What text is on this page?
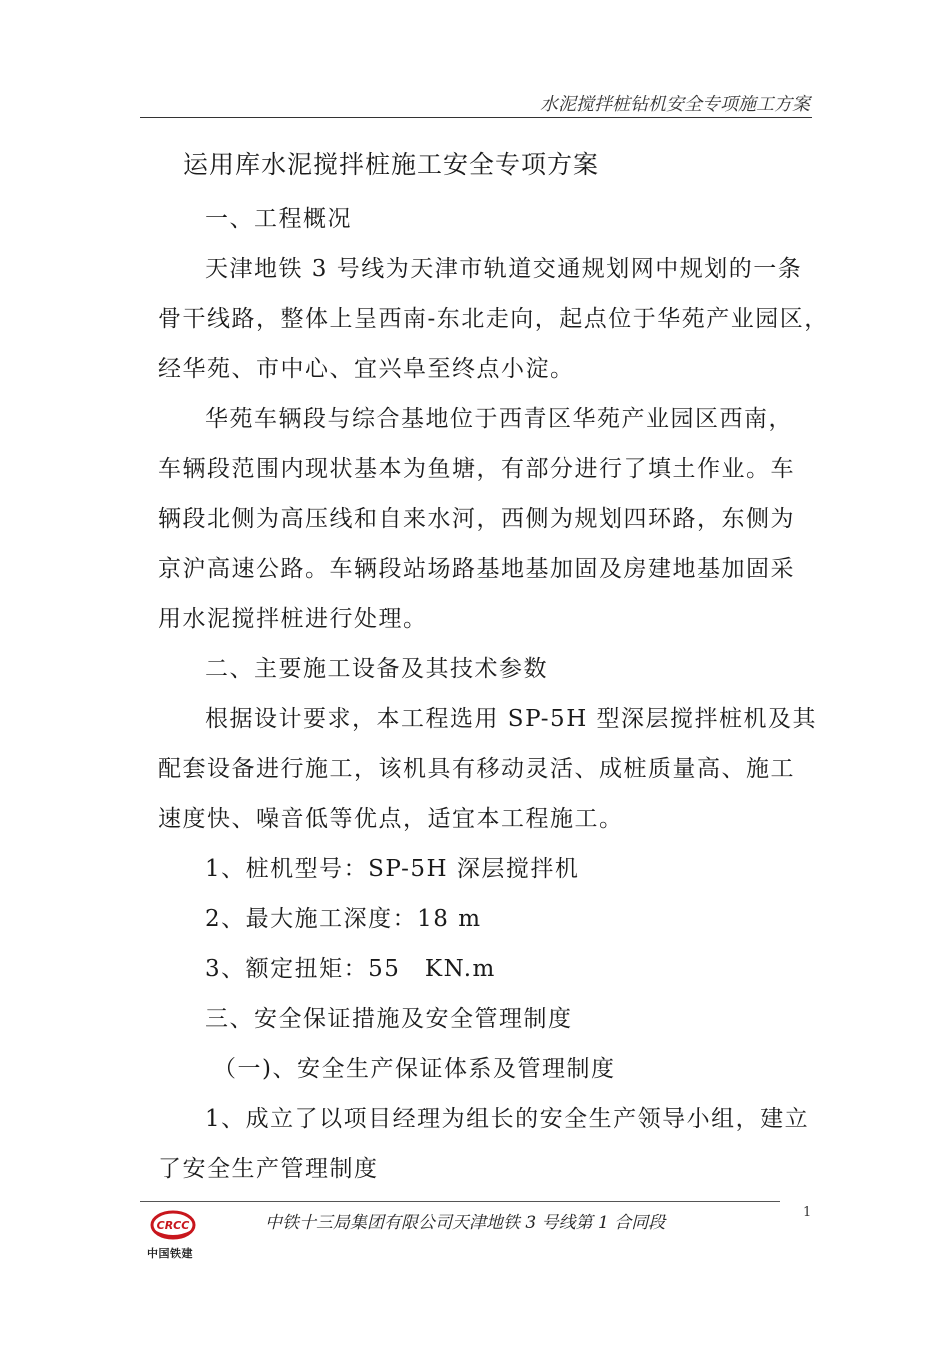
水泥搅拌桩钻机安全专项施工方案
运用库水泥搅拌桩施工安全专项方案
一、工程概况
天津地铁 3 号线为天津市轨道交通规划网中规划的一条
骨干线路，整体上呈西南-东北走向，起点位于华苑产业园区，
经华苑、市中心、宜兴阜至终点小淀。
华苑车辆段与综合基地位于西青区华苑产业园区西南，
车辆段范围内现状基本为鱼塘，有部分进行了填土作业。车
辆段北侧为高压线和自来水河，西侧为规划四环路，东侧为
京沪高速公路。车辆段站场路基地基加固及房建地基加固采
用水泥搅拌桩进行处理。
二、主要施工设备及其技术参数
根据设计要求，本工程选用 SP-5H 型深层搅拌桩机及其
配套设备进行施工，该机具有移动灵活、成桩质量高、施工
速度快、噪音低等优点，适宜本工程施工。
1、桩机型号：SP-5H 深层搅拌机
2、最大施工深度：18 m
3、额定扭矩：55　KN.m
三、安全保证措施及安全管理制度
（一)、安全生产保证体系及管理制度
1、成立了以项目经理为组长的安全生产领导小组，建立
了安全生产管理制度
CRCC
中国铁建
中铁十三局集团有限公司天津地铁 3 号线第 1 合同段
1
